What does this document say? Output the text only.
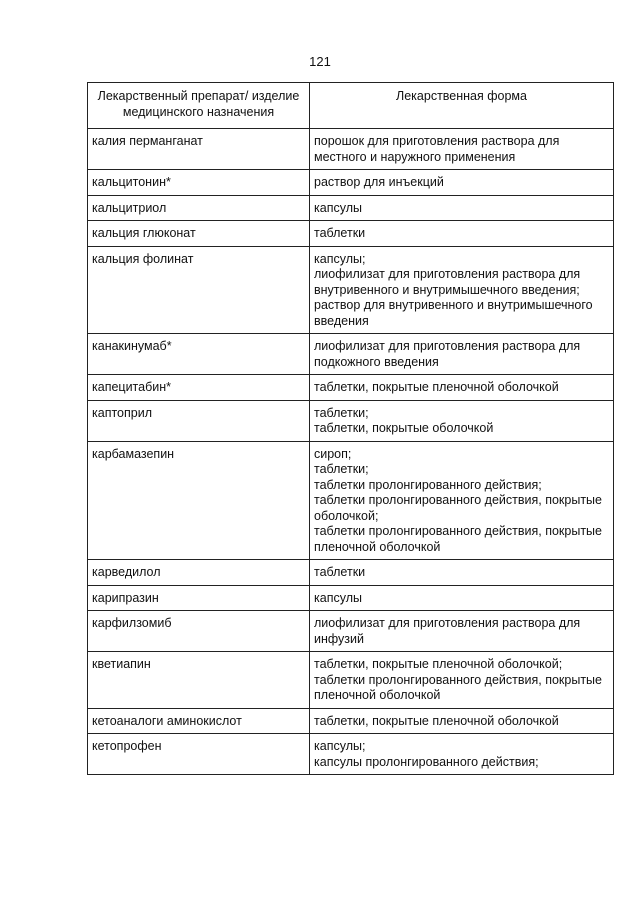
121
Лекарственный препарат/ изделие медицинского назначения	Лекарственная форма
калия перманганат	порошок для приготовления раствора для местного и наружного применения

кальцитонин*	раствор для инъекций

кальцитриол	капсулы

кальция глюконат	таблетки

кальция фолинат	капсулы;
лиофилизат для приготовления раствора для внутривенного и внутримышечного введения;
раствор для внутривенного и внутримышечного введения

канакинумаб*	лиофилизат для приготовления раствора для подкожного введения

капецитабин*	таблетки, покрытые пленочной оболочкой

каптоприл	таблетки;
таблетки, покрытые оболочкой

карбамазепин	сироп;
таблетки;
таблетки пролонгированного действия;
таблетки пролонгированного действия, покрытые оболочкой;
таблетки пролонгированного действия, покрытые пленочной оболочкой

карведилол	таблетки

карипразин	капсулы

карфилзомиб	лиофилизат для приготовления раствора для инфузий

кветиапин	таблетки, покрытые пленочной оболочкой;
таблетки пролонгированного действия, покрытые пленочной оболочкой

кетоаналоги аминокислот	таблетки, покрытые пленочной оболочкой

кетопрофен	капсулы;
капсулы пролонгированного действия;
